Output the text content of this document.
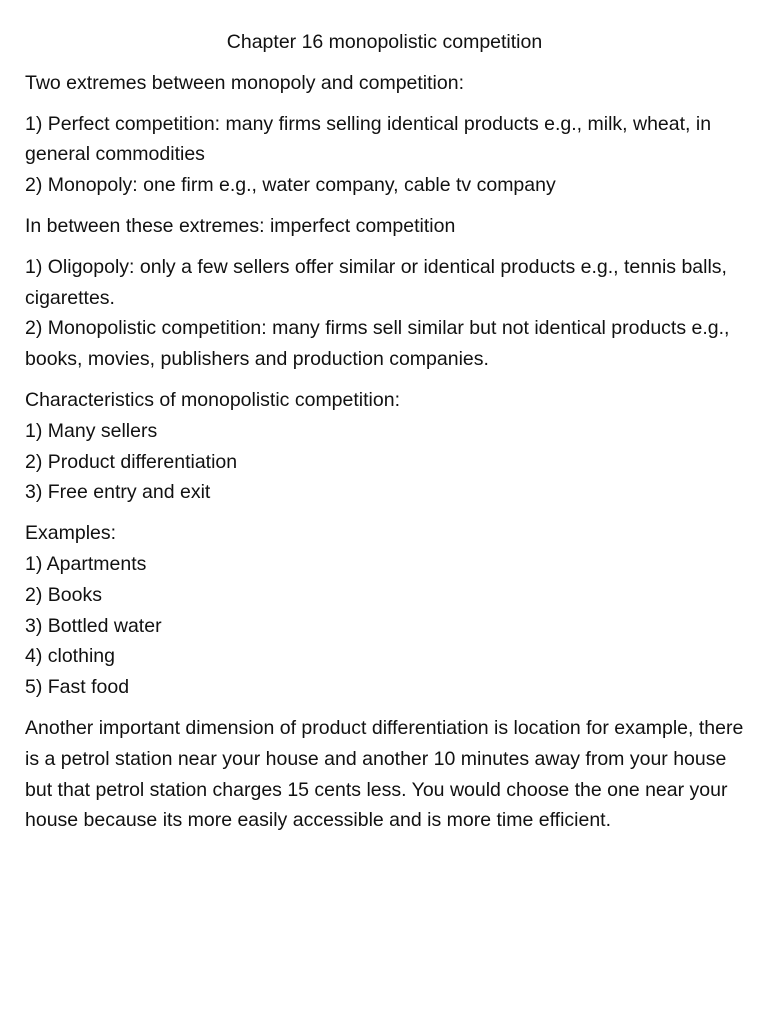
Chapter 16 monopolistic competition

Two extremes between monopoly and competition:

1) Perfect competition: many firms selling identical products e.g., milk, wheat, in general commodities
2) Monopoly: one firm e.g., water company, cable tv company

In between these extremes: imperfect competition

1) Oligopoly: only a few sellers offer similar or identical products e.g., tennis balls, cigarettes.
2) Monopolistic competition: many firms sell similar but not identical products e.g., books, movies, publishers and production companies.
Characteristics of monopolistic competition:
1) Many sellers
2) Product differentiation
3) Free entry and exit
Examples:
1) Apartments
2) Books
3) Bottled water
4) clothing
5) Fast food

Another important dimension of product differentiation is location for example, there is a petrol station near your house and another 10 minutes away from your house but that petrol station charges 15 cents less. You would choose the one near your house because its more easily accessible and is more time efficient.
